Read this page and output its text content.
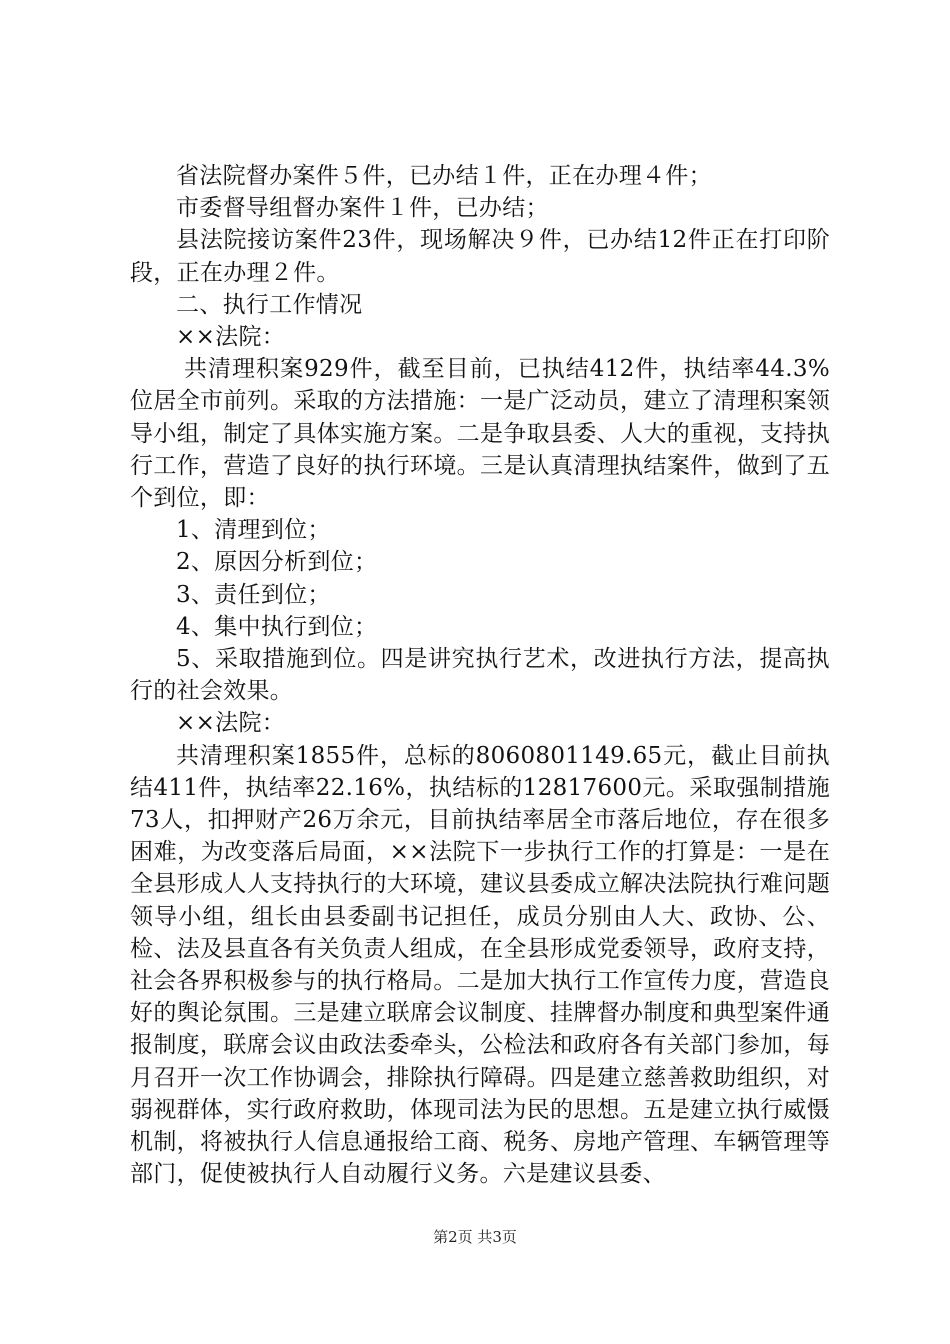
省法院督办案件５件，已办结１件，正在办理４件；

市委督导组督办案件１件，已办结；

县法院接访案件23件，现场解决９件，已办结12件正在打印阶段，正在办理２件。

二、执行工作情况

××法院：

共清理积案929件，截至目前，已执结412件，执结率44.3%位居全市前列。采取的方法措施：一是广泛动员，建立了清理积案领导小组，制定了具体实施方案。二是争取县委、人大的重视，支持执行工作，营造了良好的执行环境。三是认真清理执结案件，做到了五个到位，即：

1、清理到位；

2、原因分析到位；

3、责任到位；

4、集中执行到位；

5、采取措施到位。四是讲究执行艺术，改进执行方法，提高执行的社会效果。

××法院：

共清理积案1855件，总标的8060801149.65元，截止目前执结411件，执结率22.16%，执结标的12817600元。采取强制措施73人，扣押财产26万余元，目前执结率居全市落后地位，存在很多困难，为改变落后局面，××法院下一步执行工作的打算是：一是在全县形成人人支持执行的大环境，建议县委成立解决法院执行难问题领导小组，组长由县委副书记担任，成员分别由人大、政协、公、检、法及县直各有关负责人组成，在全县形成党委领导，政府支持，社会各界积极参与的执行格局。二是加大执行工作宣传力度，营造良好的舆论氛围。三是建立联席会议制度、挂牌督办制度和典型案件通报制度，联席会议由政法委牵头，公检法和政府各有关部门参加，每月召开一次工作协调会，排除执行障碍。四是建立慈善救助组织，对弱视群体，实行政府救助，体现司法为民的思想。五是建立执行威慑机制，将被执行人信息通报给工商、税务、房地产管理、车辆管理等部门，促使被执行人自动履行义务。六是建议县委、

第2页 共3页
